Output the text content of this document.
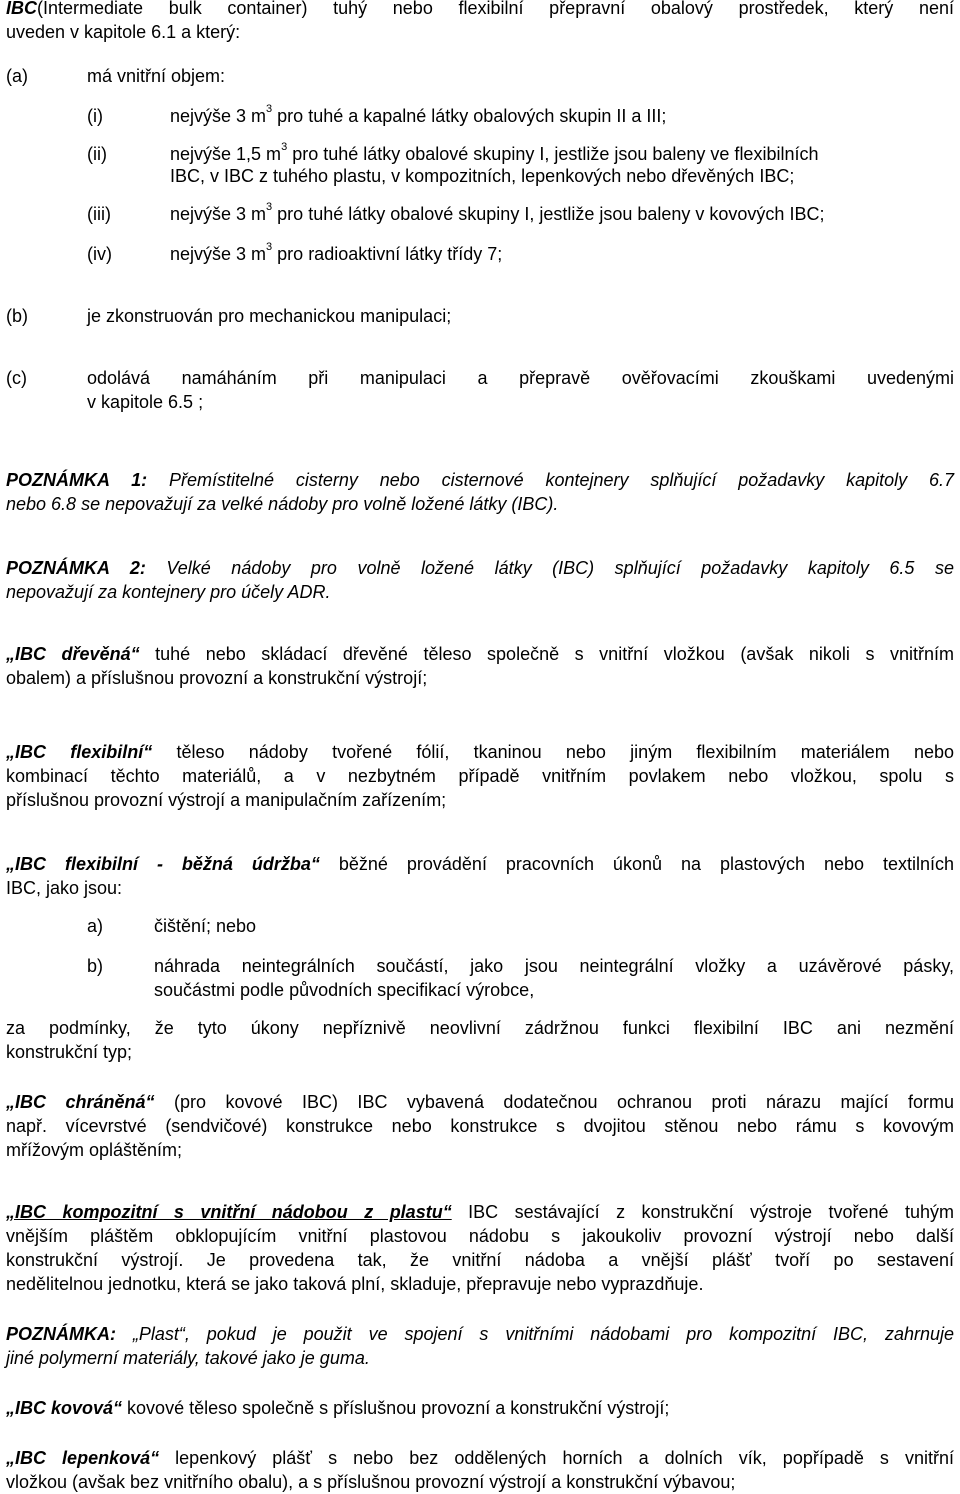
IBC(Intermediate bulk container) tuhý nebo flexibilní přepravní obalový prostředek, který není

uveden v kapitole 6.1 a který:

(a)	má vnitřní objem:

(i)	nejvýše 3 $m^3$ pro tuhé a kapalné látky obalových skupin II a III;

(ii)	nejvýše 1,5 $m^3$ pro tuhé látky obalové skupiny I, jestliže jsou baleny ve flexibilních

IBC, v IBC z tuhého plastu, v kompozitních, lepenkových nebo dřevěných IBC;

(iii)	nejvýše 3 $m^3$ pro tuhé látky obalové skupiny I, jestliže jsou baleny v kovových IBC;

(iv)	nejvýše 3 $m^3$ pro radioaktivní látky třídy 7;

(b)	je zkonstruován pro mechanickou manipulaci;

(c)	odolává namáháním při manipulaci a přepravě ověřovacími zkouškami uvedenými

v kapitole 6.5 ;

POZNÁMKA 1: Přemístitelné cisterny nebo cisternové kontejnery splňující požadavky kapitoly 6.7

nebo 6.8 se nepovažují za velké nádoby pro volně ložené látky (IBC).

POZNÁMKA 2: Velké nádoby pro volně ložené látky (IBC) splňující požadavky kapitoly 6.5 se

nepovažují za kontejnery pro účely ADR.

„IBC dřevěná“ tuhé nebo skládací dřevěné těleso společně s vnitřní vložkou (avšak nikoli s vnitřním

obalem) a příslušnou provozní a konstrukční výstrojí;

„IBC flexibilní“ těleso nádoby tvořené fólií, tkaninou nebo jiným flexibilním materiálem nebo

kombinací těchto materiálů, a v nezbytném případě vnitřním povlakem nebo vložkou, spolu s

příslušnou provozní výstrojí a manipulačním zařízením;

„IBC flexibilní - běžná údržba“ běžné provádění pracovních úkonů na plastových nebo textilních

IBC, jako jsou:

a)	čištění; nebo

b)	náhrada neintegrálních součástí, jako jsou neintegrální vložky a uzávěrové pásky,

součástmi podle původních specifikací výrobce,

za podmínky, že tyto úkony nepříznivě neovlivní zádržnou funkci flexibilní IBC ani nezmění

konstrukční typ;

„IBC chráněná“ (pro kovové IBC) IBC vybavená dodatečnou ochranou proti nárazu mající formu

např. vícevrstvé (sendvičové) konstrukce nebo konstrukce s dvojitou stěnou nebo rámu s kovovým

mřížovým opláštěním;

„IBC kompozitní s vnitřní nádobou z plastu“ IBC sestávající z konstrukční výstroje tvořené tuhým

vnějším pláštěm obklopujícím vnitřní plastovou nádobu s jakoukoliv provozní výstrojí nebo další

konstrukční výstrojí. Je provedena tak, že vnitřní nádoba a vnější plášť tvoří po sestavení

nedělitelnou jednotku, která se jako taková plní, skladuje, přepravuje nebo vyprazdňuje.

POZNÁMKA: „Plast“, pokud je použit ve spojení s vnitřními nádobami pro kompozitní IBC, zahrnuje

jiné polymerní materiály, takové jako je guma.

„IBC kovová“ kovové těleso společně s příslušnou provozní a konstrukční výstrojí;

„IBC lepenková“ lepenkový plášť s nebo bez oddělených horních a dolních vík, popřípadě s vnitřní

vložkou (avšak bez vnitřního obalu), a s příslušnou provozní výstrojí a konstrukční výbavou;
